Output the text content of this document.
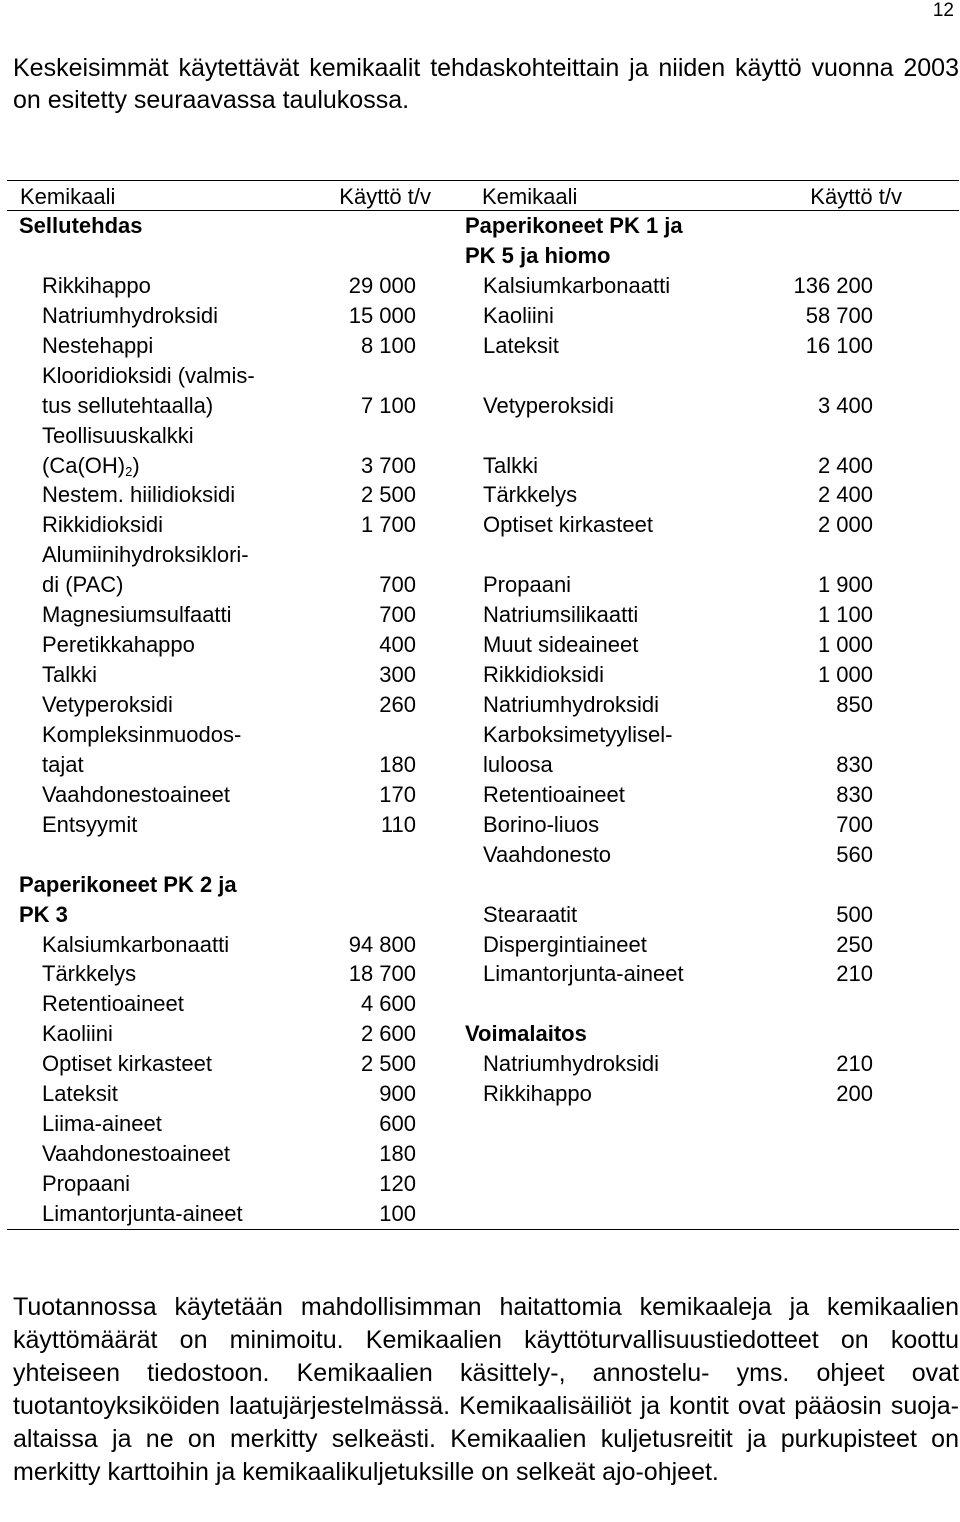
12

Keskeisimmät käytettävät kemikaalit tehdaskohteittain ja niiden käyttö vuonna 2003 on esitetty seuraavassa taulukossa.

Kemikaali	Käyttö t/v Kemikaali	Käyttö t/v
Sellutehdas	Paperikoneet PK 1 ja
PK 5 ja hiomo
Rikkihappo	29 000	Kalsiumkarbonaatti	136 200
Natriumhydroksidi	15 000	Kaoliini	58 700
Nestehappi	8 100	Lateksit	16 100
Klooridioksidi (valmis-
tus sellutehtaalla)	7 100	Vetyperoksidi	3 400
Teollisuuskalkki
$(Ca(OH)_2)$	3 700	Talkki	2 400
Nestem. hiilidioksidi	2 500	Tärkkelys	2 400
Rikkidioksidi	1 700	Optiset kirkasteet	2 000
Alumiinihydroksiklori-
di (PAC)	700	Propaani	1 900
Magnesiumsulfaatti	700	Natriumsilikaatti	1 100
Peretikkahappo	400	Muut sideaineet	1 000
Talkki	300	Rikkidioksidi	1 000
Vetyperoksidi	260	Natriumhydroksidi	850
Kompleksinmuodos-	Karboksimetyylisel-
tajat	180	luloosa	830
Vaahdonestoaineet	170	Retentioaineet	830
Entsyymit	110	Borino-liuos	700
Vaahdonesto	560
Paperikoneet PK 2 ja
PK 3	Stearaatit	500
Kalsiumkarbonaatti	94 800	Dispergintiaineet	250
Tärkkelys	18 700	Limantorjunta-aineet	210
Retentioaineet	4 600
Kaoliini	2 600 Voimalaitos
Optiset kirkasteet	2 500	Natriumhydroksidi	210
Lateksit	900	Rikkihappo	200
Liima-aineet	600
Vaahdonestoaineet	180
Propaani	120
Limantorjunta-aineet	100

Tuotannossa käytetään mahdollisimman haitattomia kemikaaleja ja kemikaalien käyttömäärät on minimoitu. Kemikaalien käyttöturvallisuustiedotteet on koottu yhteiseen tiedostoon. Kemikaalien käsittely-, annostelu- yms. ohjeet ovat tuotantoyksiköiden laatujärjestelmässä. Kemikaalisäiliöt ja kontit ovat pääosin suoja-altaissa ja ne on merkitty selkeästi. Kemikaalien kuljetusreitit ja purkupisteet on merkitty karttoihin ja kemikaalikuljetuksille on selkeät ajo-ohjeet.
